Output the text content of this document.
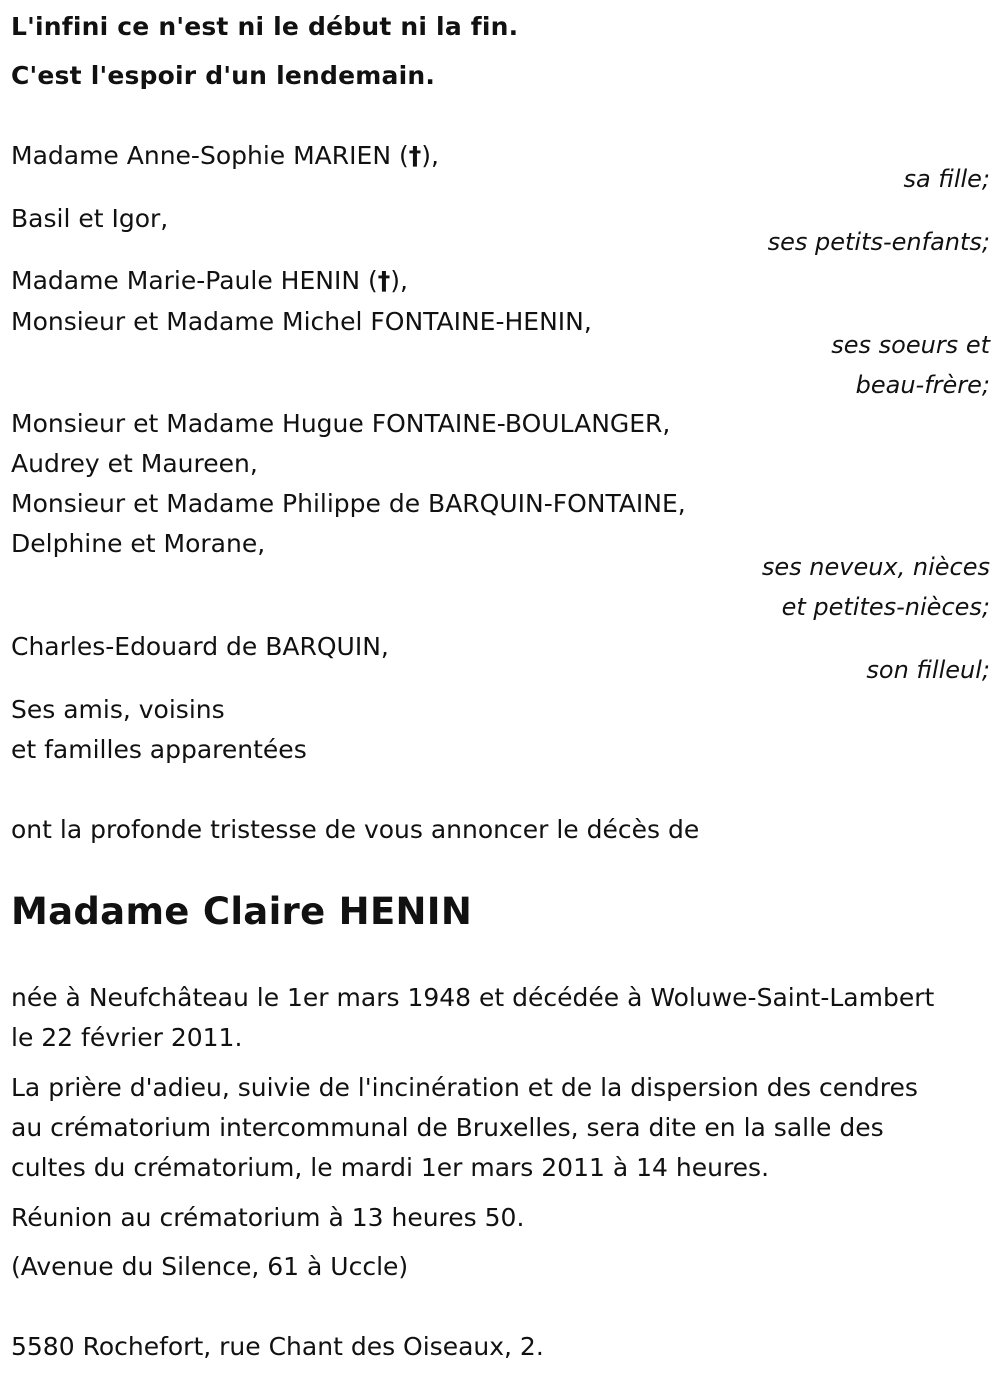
L'infini ce n'est ni le début ni la fin.
C'est l'espoir d'un lendemain.
Madame Anne-Sophie MARIEN (†),
sa fille;
Basil et Igor,
ses petits-enfants;
Madame Marie-Paule HENIN (†),
Monsieur et Madame Michel FONTAINE-HENIN,
ses soeurs et
beau-frère;
Monsieur et Madame Hugue FONTAINE-BOULANGER,
Audrey et Maureen,
Monsieur et Madame Philippe de BARQUIN-FONTAINE,
Delphine et Morane,
ses neveux, nièces
et petites-nièces;
Charles-Edouard de BARQUIN,
son filleul;
Ses amis, voisins
et familles apparentées
ont la profonde tristesse de vous annoncer le décès de
Madame Claire HENIN
née à Neufchâteau le 1er mars 1948 et décédée à Woluwe-Saint-Lambert
le 22 février 2011.
La prière d'adieu, suivie de l'incinération et de la dispersion des cendres
au crématorium intercommunal de Bruxelles, sera dite en la salle des
cultes du crématorium, le mardi 1er mars 2011 à 14 heures.
Réunion au crématorium à 13 heures 50.
(Avenue du Silence, 61 à Uccle)
5580 Rochefort, rue Chant des Oiseaux, 2.
